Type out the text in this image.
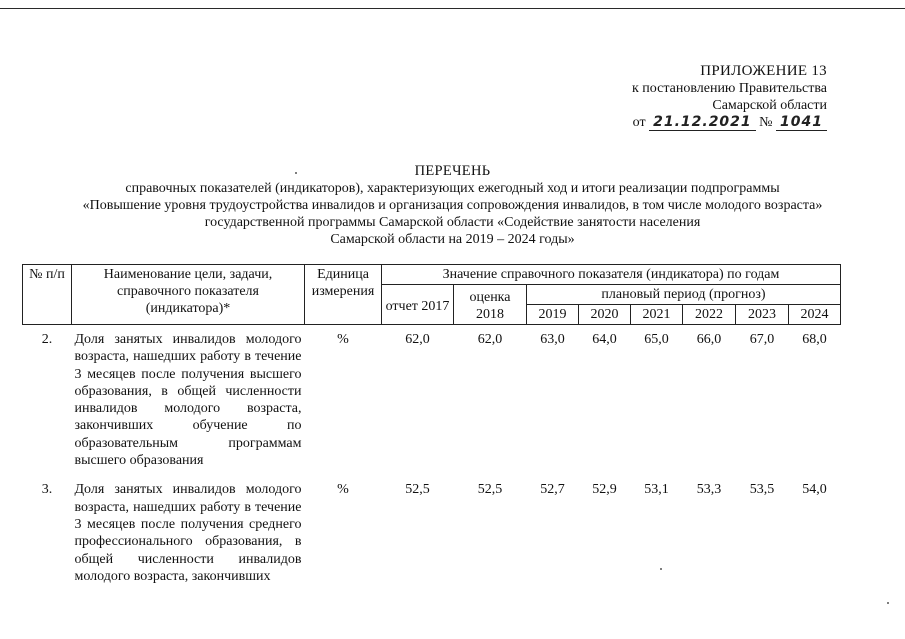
ПРИЛОЖЕНИЕ 13
к постановлению Правительства
Самарской области
от 21.12.2021 № 1041
ПЕРЕЧЕНЬ
справочных показателей (индикаторов), характеризующих ежегодный ход и итоги реализации подпрограммы
«Повышение уровня трудоустройства инвалидов и организация сопровождения инвалидов, в том числе молодого возраста»
государственной программы Самарской области «Содействие занятости населения
Самарской области на 2019 – 2024 годы»
№ п/п	Наименование цели, задачи, справочного показателя (индикатора)*	Единица измерения	Значение справочного показателя (индикатора) по годам							
			отчет 2017	оценка 2018	плановый период (прогноз)					
					2019	2020	2021	2022	2023	2024
2.	Доля занятых инвалидов молодого возраста, нашедших работу в течение 3 месяцев после получения высшего образования, в общей численности инвалидов молодого возраста, закончивших обучение по образовательным программам высшего образования	%	62,0	62,0	63,0	64,0	65,0	66,0	67,0	68,0
3.	Доля занятых инвалидов молодого возраста, нашедших работу в течение 3 месяцев после получения среднего профессионального образования, в общей численности инвалидов молодого возраста, закончивших	%	52,5	52,5	52,7	52,9	53,1	53,3	53,5	54,0
